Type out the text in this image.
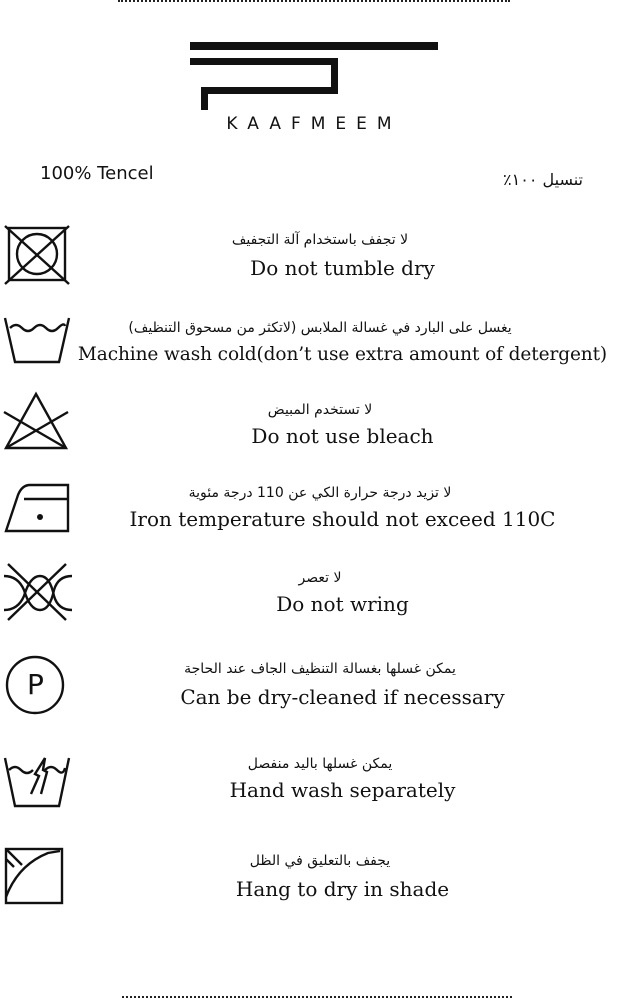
KAAFMEEM
100% Tencel	تنسيل ١٠٠٪
لا تجفف باستخدام آلة التجفيف
Do not tumble dry
يغسل على البارد في غسالة الملابس (لاتكثر من مسحوق التنظيف)
Machine wash cold(don’t use extra amount of detergent)
لا تستخدم المبيض
Do not use bleach
لا تزيد درجة حرارة الكي عن 110 درجة مئوية
Iron temperature should not exceed 110C
لا تعصر
Do not wring
P	يمكن غسلها بغسالة التنظيف الجاف عند الحاجة
Can be dry-cleaned if necessary
يمكن غسلها باليد منفصل
Hand wash separately
يجفف بالتعليق في الظل
Hang to dry in shade
